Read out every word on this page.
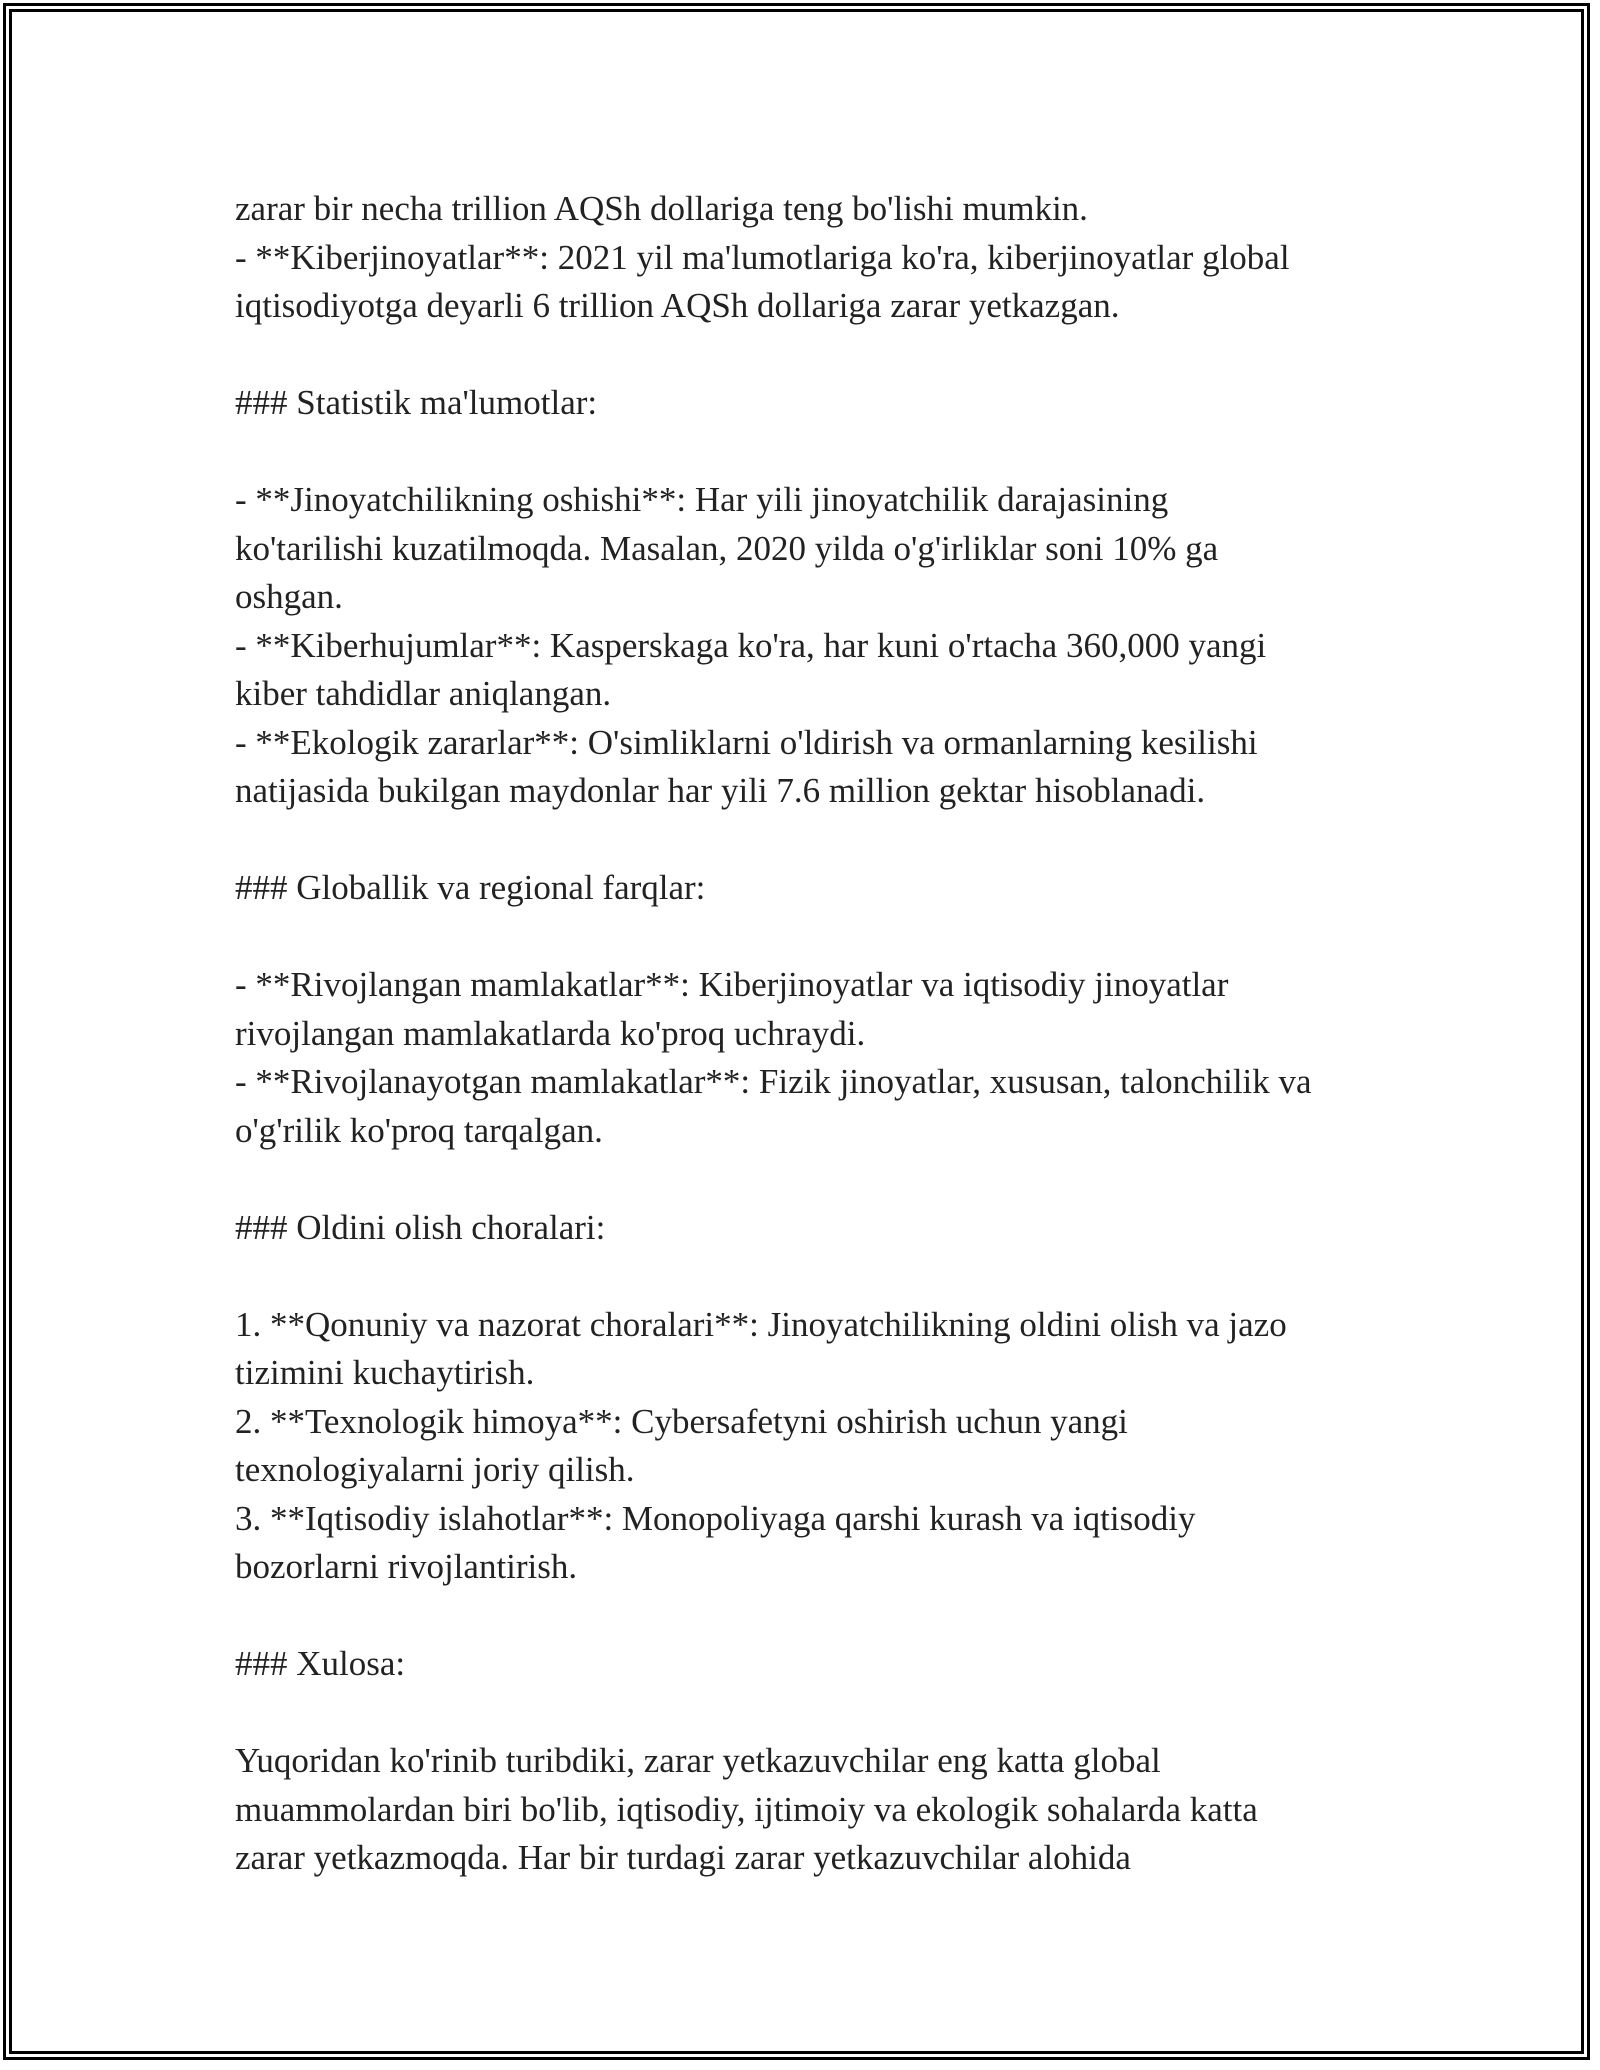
zarar bir necha trillion AQSh dollariga teng bo'lishi mumkin.
- **Kiberjinoyatlar**: 2021 yil ma'lumotlariga ko'ra, kiberjinoyatlar global
iqtisodiyotga deyarli 6 trillion AQSh dollariga zarar yetkazgan.
### Statistik ma'lumotlar:
- **Jinoyatchilikning oshishi**: Har yili jinoyatchilik darajasining
ko'tarilishi kuzatilmoqda. Masalan, 2020 yilda o'g'irliklar soni 10% ga
oshgan.
- **Kiberhujumlar**: Kasperskaga ko'ra, har kuni o'rtacha 360,000 yangi
kiber tahdidlar aniqlangan.
- **Ekologik zararlar**: O'simliklarni o'ldirish va ormanlarning kesilishi
natijasida bukilgan maydonlar har yili 7.6 million gektar hisoblanadi.
### Globallik va regional farqlar:
- **Rivojlangan mamlakatlar**: Kiberjinoyatlar va iqtisodiy jinoyatlar
rivojlangan mamlakatlarda ko'proq uchraydi.
- **Rivojlanayotgan mamlakatlar**: Fizik jinoyatlar, xususan, talonchilik va
o'g'rilik ko'proq tarqalgan.
### Oldini olish choralari:
1. **Qonuniy va nazorat choralari**: Jinoyatchilikning oldini olish va jazo
tizimini kuchaytirish.
2. **Texnologik himoya**: Cybersafetyni oshirish uchun yangi
texnologiyalarni joriy qilish.
3. **Iqtisodiy islahotlar**: Monopoliyaga qarshi kurash va iqtisodiy
bozorlarni rivojlantirish.
### Xulosa:
Yuqoridan ko'rinib turibdiki, zarar yetkazuvchilar eng katta global
muammolardan biri bo'lib, iqtisodiy, ijtimoiy va ekologik sohalarda katta
zarar yetkazmoqda. Har bir turdagi zarar yetkazuvchilar alohida
